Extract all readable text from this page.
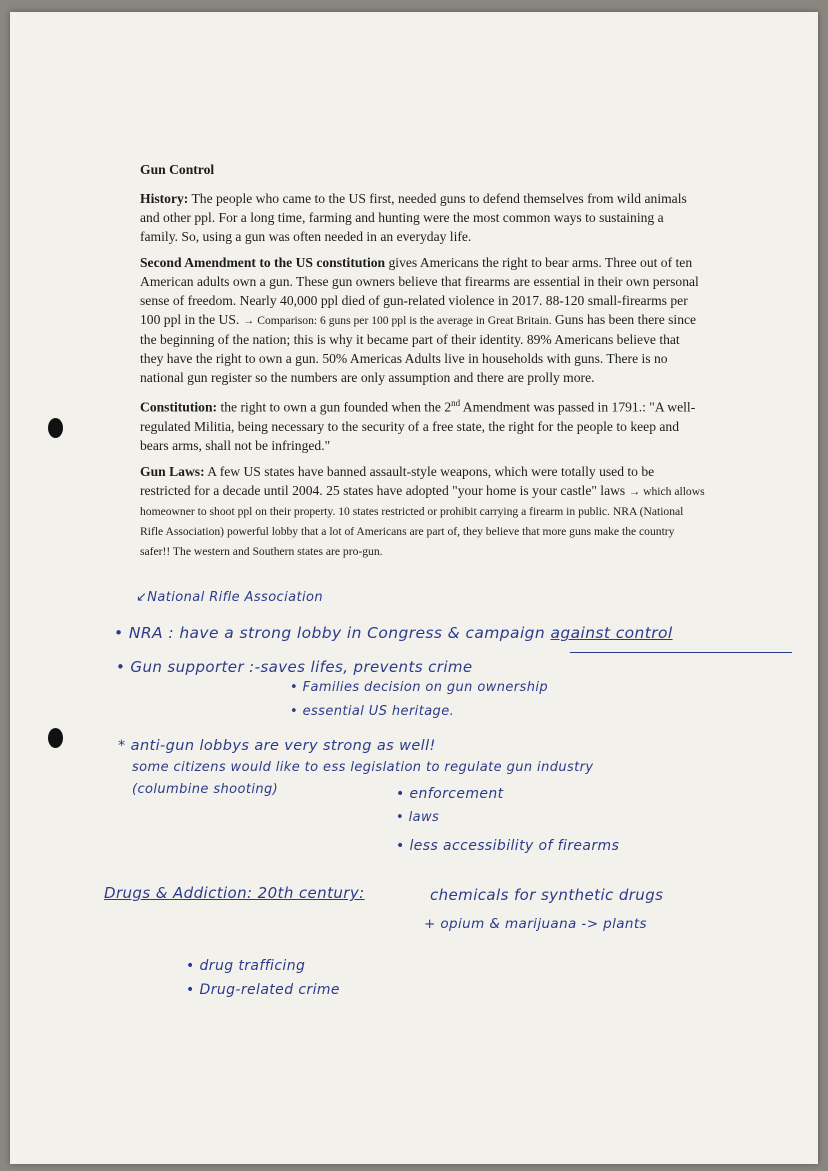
Gun Control

History: The people who came to the US first, needed guns to defend themselves from wild animals and other ppl. For a long time, farming and hunting were the most common ways to sustaining a family. So, using a gun was often needed in an everyday life.

Second Amendment to the US constitution gives Americans the right to bear arms. Three out of ten American adults own a gun. These gun owners believe that firearms are essential in their own personal sense of freedom. Nearly 40,000 ppl died of gun-related violence in 2017. 88-120 small-firearms per 100 ppl in the US. → Comparison: 6 guns per 100 ppl is the average in Great Britain. Guns has been there since the beginning of the nation; this is why it became part of their identity. 89% Americans believe that they have the right to own a gun. 50% Americas Adults live in households with guns. There is no national gun register so the numbers are only assumption and there are prolly more.

Constitution: the right to own a gun founded when the 2nd Amendment was passed in 1791.: "A well-regulated Militia, being necessary to the security of a free state, the right for the people to keep and bears arms, shall not be infringed."

Gun Laws: A few US states have banned assault-style weapons, which were totally used to be restricted for a decade until 2004. 25 states have adopted "your home is your castle" laws → which allows homeowner to shoot ppl on their property. 10 states restricted or prohibit carrying a firearm in public. NRA (National Rifle Association) powerful lobby that a lot of Americans are part of, they believe that more guns make the country safer!! The western and Southern states are pro-gun.

↙National Rifle Association
• NRA : have a strong lobby in Congress & campaign against control
• Gun supporter :-saves lifes, prevents crime
• Families decision on gun ownership
• essential US heritage.
* anti-gun lobbys are very strong as well!
some citizens would like to ess legislation to regulate gun industry
(columbine shooting)	• enforcement
• laws
• less accessibility of firearms
Drugs & Addiction: 20th century:	chemicals for synthetic drugs
+ opium & marijuana -> plants
• drug trafficing
• Drug-related crime
